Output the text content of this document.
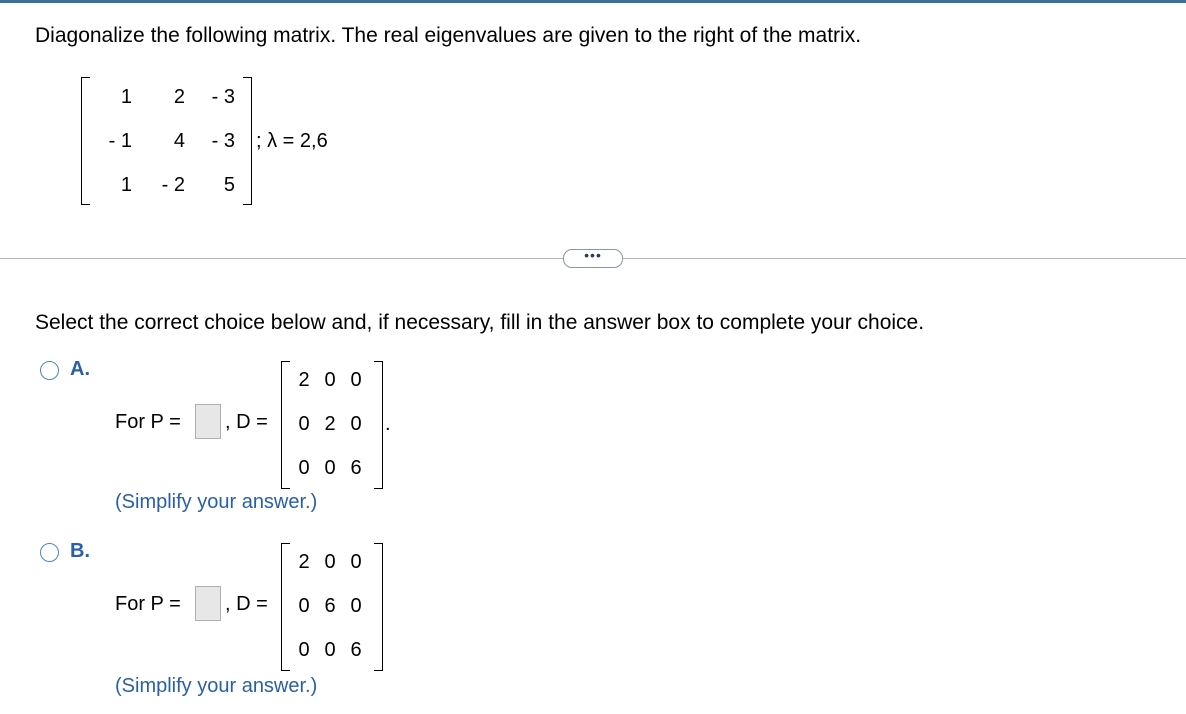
Diagonalize the following matrix. The real eigenvalues are given to the right of the matrix.
1	2	- 3
- 1	4	- 3
1	- 2	5
; λ = 2,6
•••
Select the correct choice below and, if necessary, fill in the answer box to complete your choice.
A.
For P = , D =
2 0 0
0 2 0
0 0 6
.
(Simplify your answer.)
B.
For P = , D =
2 0 0
0 6 0
0 0 6
(Simplify your answer.)
